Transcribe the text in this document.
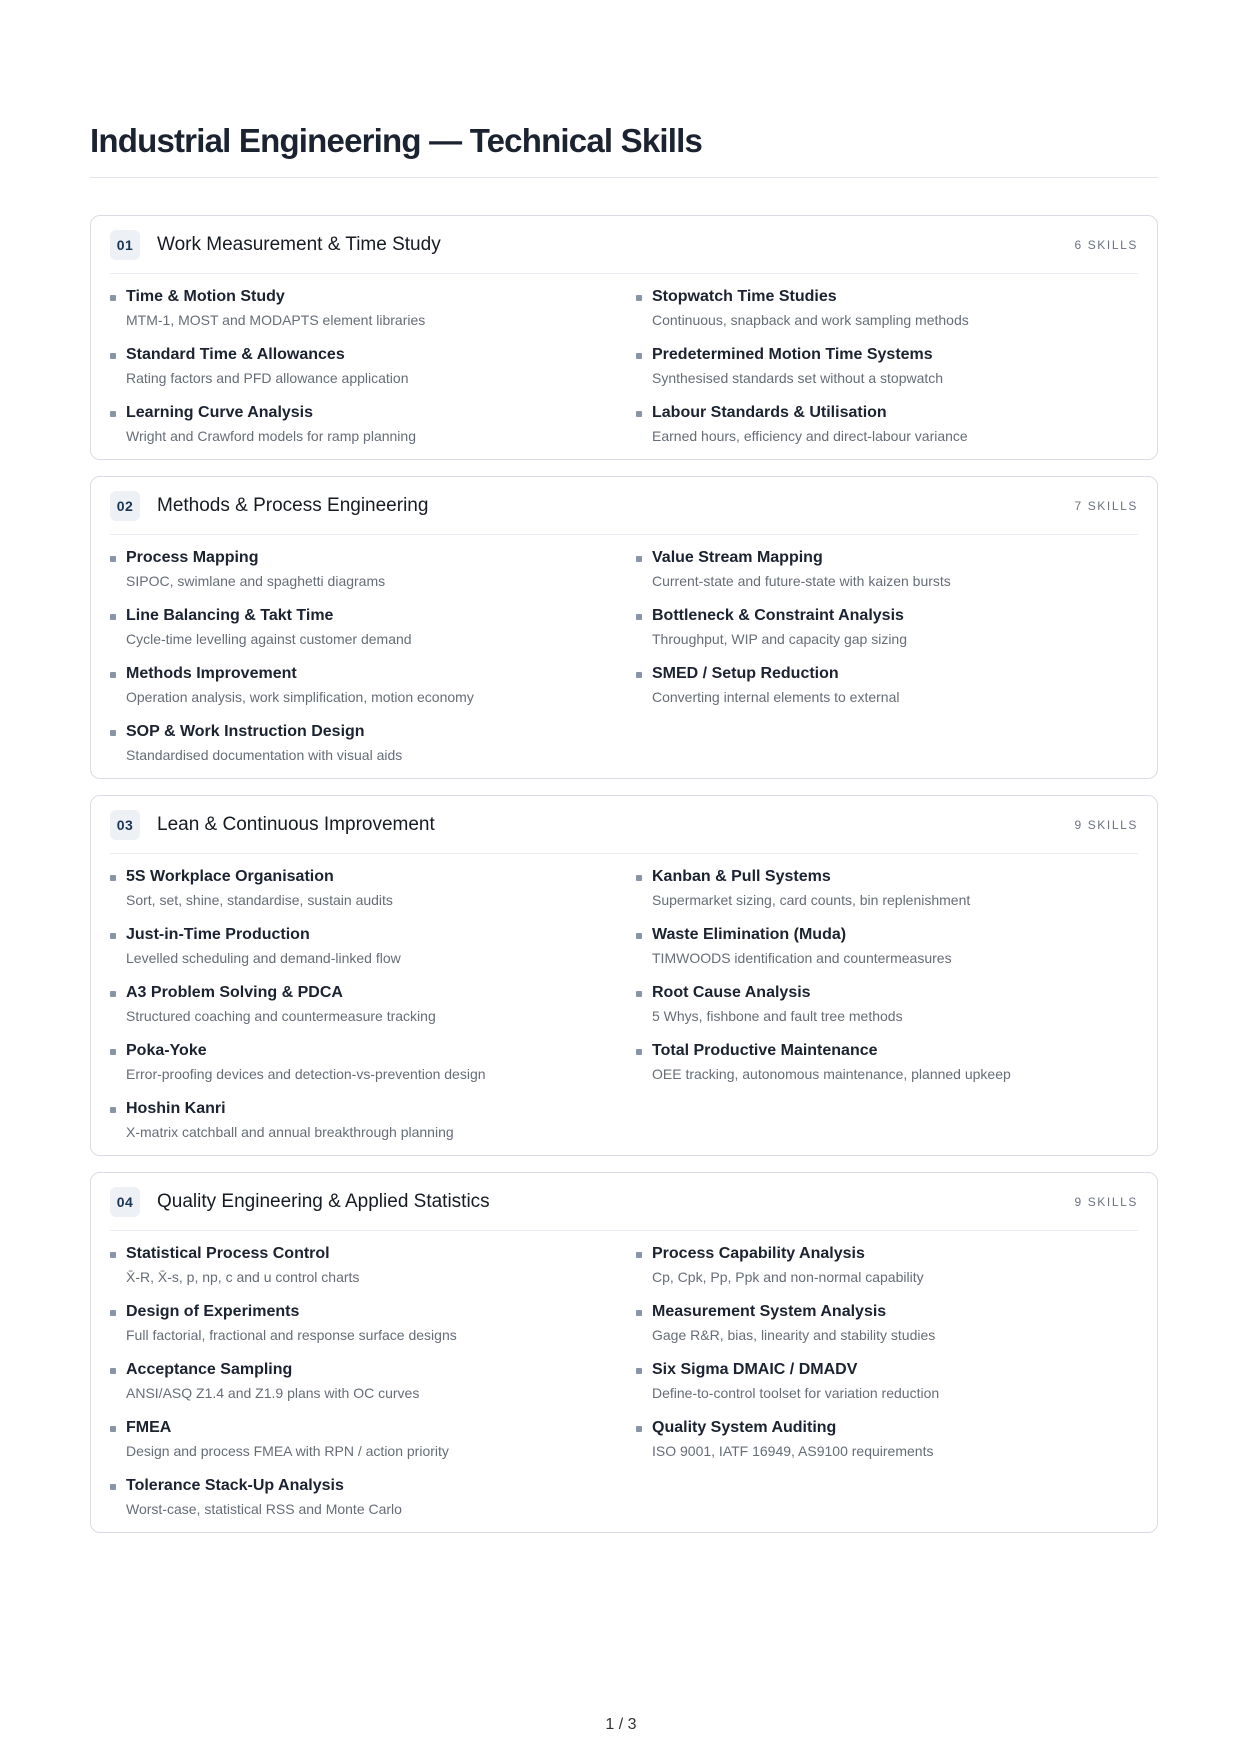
Industrial Engineering — Technical Skills
01	Work Measurement & Time Study	6 SKILLS
Time & Motion Study
MTM-1, MOST and MODAPTS element libraries
Stopwatch Time Studies
Continuous, snapback and work sampling methods
Standard Time & Allowances
Rating factors and PFD allowance application
Predetermined Motion Time Systems
Synthesised standards set without a stopwatch
Learning Curve Analysis
Wright and Crawford models for ramp planning
Labour Standards & Utilisation
Earned hours, efficiency and direct-labour variance
02	Methods & Process Engineering	7 SKILLS
Process Mapping
SIPOC, swimlane and spaghetti diagrams
Value Stream Mapping
Current-state and future-state with kaizen bursts
Line Balancing & Takt Time
Cycle-time levelling against customer demand
Bottleneck & Constraint Analysis
Throughput, WIP and capacity gap sizing
Methods Improvement
Operation analysis, work simplification, motion economy
SMED / Setup Reduction
Converting internal elements to external
SOP & Work Instruction Design
Standardised documentation with visual aids
03	Lean & Continuous Improvement	9 SKILLS
5S Workplace Organisation
Sort, set, shine, standardise, sustain audits
Kanban & Pull Systems
Supermarket sizing, card counts, bin replenishment
Just-in-Time Production
Levelled scheduling and demand-linked flow
Waste Elimination (Muda)
TIMWOODS identification and countermeasures
A3 Problem Solving & PDCA
Structured coaching and countermeasure tracking
Root Cause Analysis
5 Whys, fishbone and fault tree methods
Poka-Yoke
Error-proofing devices and detection-vs-prevention design
Total Productive Maintenance
OEE tracking, autonomous maintenance, planned upkeep
Hoshin Kanri
X-matrix catchball and annual breakthrough planning
04	Quality Engineering & Applied Statistics	9 SKILLS
Statistical Process Control
X̄-R, X̄-s, p, np, c and u control charts
Process Capability Analysis
Cp, Cpk, Pp, Ppk and non-normal capability
Design of Experiments
Full factorial, fractional and response surface designs
Measurement System Analysis
Gage R&R, bias, linearity and stability studies
Acceptance Sampling
ANSI/ASQ Z1.4 and Z1.9 plans with OC curves
Six Sigma DMAIC / DMADV
Define-to-control toolset for variation reduction
FMEA
Design and process FMEA with RPN / action priority
Quality System Auditing
ISO 9001, IATF 16949, AS9100 requirements
Tolerance Stack-Up Analysis
Worst-case, statistical RSS and Monte Carlo
1 / 3
